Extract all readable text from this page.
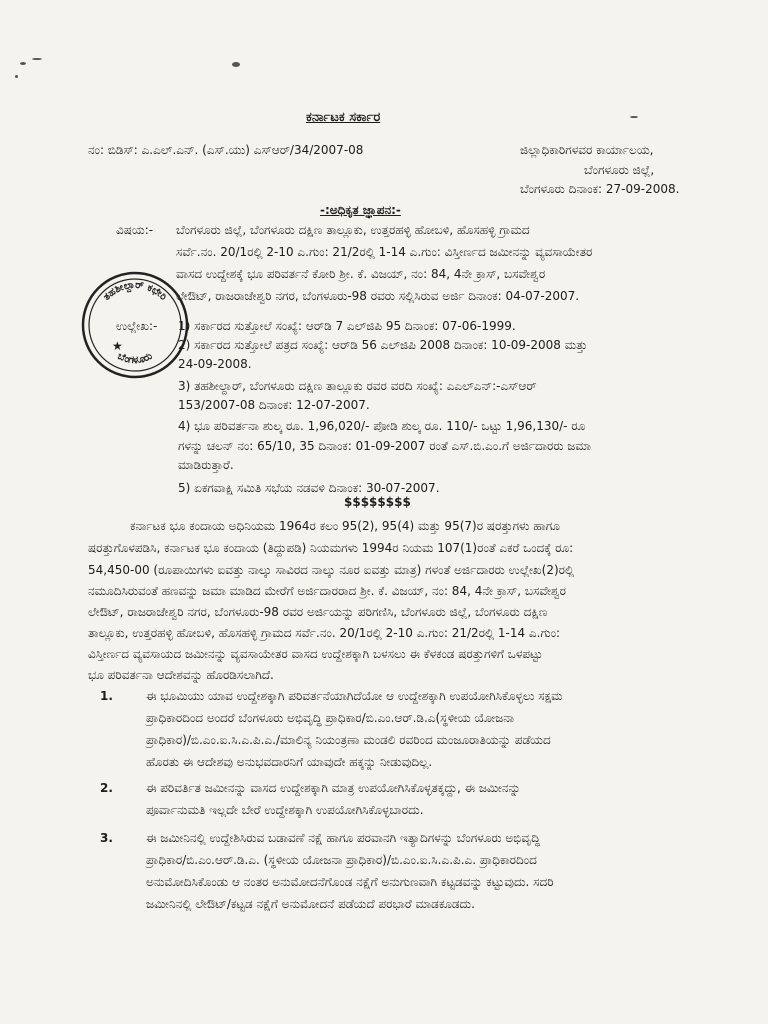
ಕರ್ನಾಟಕ ಸರ್ಕಾರ
ನಂ: ಬಿಡಿಸ್: ಎ.ಎಲ್.ಎನ್. (ಎಸ್.ಯು) ಎಸ್ಆರ್/34/2007-08	ಜಿಲ್ಲಾಧಿಕಾರಿಗಳವರ ಕಾರ್ಯಾಲಯ,
ಬೆಂಗಳೂರು ಜಿಲ್ಲೆ,
ಬೆಂಗಳೂರು ದಿನಾಂಕ: 27-09-2008.
-:ಅಧಿಕೃತ ಜ್ಞಾಪನ:-
ವಿಷಯ:- ಬೆಂಗಳೂರು ಜಿಲ್ಲೆ, ಬೆಂಗಳೂರು ದಕ್ಷಿಣ ತಾಲ್ಲೂಕು, ಉತ್ತರಹಳ್ಳಿ ಹೋಬಳಿ, ಹೊಸಹಳ್ಳಿ ಗ್ರಾಮದ
ಸರ್ವೆ.ನಂ. 20/1ರಲ್ಲಿ 2-10 ಎ.ಗುಂ: 21/2ರಲ್ಲಿ 1-14 ಎ.ಗುಂ: ವಿಸ್ತೀರ್ಣದ ಜಮೀನನ್ನು ವ್ಯವಸಾಯೇತರ
ವಾಸದ ಉದ್ದೇಶಕ್ಕೆ ಭೂ ಪರಿವರ್ತನೆ ಕೋರಿ ಶ್ರೀ. ಕೆ. ವಿಜಯ್, ನಂ: 84, 4ನೇ ಕ್ರಾಸ್, ಬಸವೇಶ್ವರ
ಲೇಔಟ್, ರಾಜರಾಜೇಶ್ವರಿ ನಗರ, ಬೆಂಗಳೂರು-98 ರವರು ಸಲ್ಲಿಸಿರುವ ಅರ್ಜಿ ದಿನಾಂಕ: 04-07-2007.
ಉಲ್ಲೇಖ:- 1) ಸರ್ಕಾರದ ಸುತ್ತೋಲೆ ಸಂಖ್ಯೆ: ಆರ್‌ಡಿ 7 ಎಲ್‌ಜಿಪಿ 95 ದಿನಾಂಕ: 07-06-1999.
2) ಸರ್ಕಾರದ ಸುತ್ತೋಲೆ ಪತ್ರದ ಸಂಖ್ಯೆ: ಆರ್‌ಡಿ 56 ಎಲ್‌ಜಿಪಿ 2008 ದಿನಾಂಕ: 10-09-2008 ಮತ್ತು
24-09-2008.
3) ತಹಶೀಲ್ದಾರ್, ಬೆಂಗಳೂರು ದಕ್ಷಿಣ ತಾಲ್ಲೂಕು ರವರ ವರದಿ ಸಂಖ್ಯೆ: ಎಎಲ್‌ಎನ್:-ಎಸ್‌ಆರ್
153/2007-08 ದಿನಾಂಕ: 12-07-2007.
4) ಭೂ ಪರಿವರ್ತನಾ ಶುಲ್ಕ ರೂ. 1,96,020/- ಪೋಡಿ ಶುಲ್ಕ ರೂ. 110/- ಒಟ್ಟು 1,96,130/- ರೂ
ಗಳನ್ನು ಚಲನ್ ನಂ: 65/10, 35 ದಿನಾಂಕ: 01-09-2007 ರಂತೆ ಎಸ್.ಬಿ.ಎಂ.ಗೆ ಅರ್ಜಿದಾರರು ಜಮಾ
ಮಾಡಿರುತ್ತಾರೆ.
5) ಏಕಗವಾಕ್ಷಿ ಸಮಿತಿ ಸಭೆಯ ನಡವಳಿ ದಿನಾಂಕ: 30-07-2007.
$$$$$$$$
ಕರ್ನಾಟಕ ಭೂ ಕಂದಾಯ ಅಧಿನಿಯಮ 1964ರ ಕಲಂ 95(2), 95(4) ಮತ್ತು 95(7)ರ ಷರತ್ತುಗಳು ಹಾಗೂ
ಷರತ್ತುಗೊಳಪಡಿಸಿ, ಕರ್ನಾಟಕ ಭೂ ಕಂದಾಯ (ತಿದ್ದುಪಡಿ) ನಿಯಮಗಳು 1994ರ ನಿಯಮ 107(1)ರಂತೆ ಎಕರೆ ಒಂದಕ್ಕೆ ರೂ:
54,450-00 (ರೂಪಾಯಿಗಳು ಐವತ್ತು ನಾಲ್ಕು ಸಾವಿರದ ನಾಲ್ಕು ನೂರ ಐವತ್ತು ಮಾತ್ರ) ಗಳಂತೆ ಅರ್ಜಿದಾರರು ಉಲ್ಲೇಖ(2)ರಲ್ಲಿ
ನಮೂದಿಸಿರುವಂತೆ ಹಣವನ್ನು ಜಮಾ ಮಾಡಿದ ಮೇರೆಗೆ ಅರ್ಜಿದಾರರಾದ ಶ್ರೀ. ಕೆ. ವಿಜಯ್, ನಂ: 84, 4ನೇ ಕ್ರಾಸ್, ಬಸವೇಶ್ವರ
ಲೇಔಟ್, ರಾಜರಾಜೇಶ್ವರಿ ನಗರ, ಬೆಂಗಳೂರು-98 ರವರ ಅರ್ಜಿಯನ್ನು ಪರಿಗಣಿಸಿ, ಬೆಂಗಳೂರು ಜಿಲ್ಲೆ, ಬೆಂಗಳೂರು ದಕ್ಷಿಣ
ತಾಲ್ಲೂಕು, ಉತ್ತರಹಳ್ಳಿ ಹೋಬಳಿ, ಹೊಸಹಳ್ಳಿ ಗ್ರಾಮದ ಸರ್ವೆ.ನಂ. 20/1ರಲ್ಲಿ 2-10 ಎ.ಗುಂ: 21/2ರಲ್ಲಿ 1-14 ಎ.ಗುಂ:
ವಿಸ್ತೀರ್ಣದ ವ್ಯವಸಾಯದ ಜಮೀನನ್ನು ವ್ಯವಸಾಯೇತರ ವಾಸದ ಉದ್ದೇಶಕ್ಕಾಗಿ ಬಳಸಲು ಈ ಕೆಳಕಂಡ ಷರತ್ತುಗಳಿಗೆ ಒಳಪಟ್ಟು
ಭೂ ಪರಿವರ್ತನಾ ಆದೇಶವನ್ನು ಹೊರಡಿಸಲಾಗಿದೆ.
1.	ಈ ಭೂಮಿಯು ಯಾವ ಉದ್ದೇಶಕ್ಕಾಗಿ ಪರಿವರ್ತನೆಯಾಗಿದೆಯೋ ಆ ಉದ್ದೇಶಕ್ಕಾಗಿ ಉಪಯೋಗಿಸಿಕೊಳ್ಳಲು ಸಕ್ಷಮ
ಪ್ರಾಧಿಕಾರದಿಂದ ಅಂದರೆ ಬೆಂಗಳೂರು ಅಭಿವೃದ್ಧಿ ಪ್ರಾಧಿಕಾರ/ಬಿ.ಎಂ.ಆರ್.ಡಿ.ಎ(ಸ್ಥಳೀಯ ಯೋಜನಾ
ಪ್ರಾಧಿಕಾರ)/ಬಿ.ಎಂ.ಐ.ಸಿ.ಎ.ಪಿ.ಎ./ಮಾಲಿನ್ಯ ನಿಯಂತ್ರಣಾ ಮಂಡಲಿ ರವರಿಂದ ಮಂಜೂರಾತಿಯನ್ನು ಪಡೆಯದ
ಹೊರತು ಈ ಆದೇಶವು ಅನುಭವದಾರನಿಗೆ ಯಾವುದೇ ಹಕ್ಕನ್ನು ನೀಡುವುದಿಲ್ಲ.
2.	ಈ ಪರಿವರ್ತಿತ ಜಮೀನನ್ನು ವಾಸದ ಉದ್ದೇಶಕ್ಕಾಗಿ ಮಾತ್ರ ಉಪಯೋಗಿಸಿಕೊಳ್ಳತಕ್ಕದ್ದು, ಈ ಜಮೀನನ್ನು
ಪೂರ್ವಾನುಮತಿ ಇಲ್ಲದೇ ಬೇರೆ ಉದ್ದೇಶಕ್ಕಾಗಿ ಉಪಯೋಗಿಸಿಕೊಳ್ಳಬಾರದು.
3.	ಈ ಜಮೀನಿನಲ್ಲಿ ಉದ್ದೇಶಿಸಿರುವ ಬಡಾವಣೆ ನಕ್ಷೆ ಹಾಗೂ ಪರವಾನಗಿ ಇತ್ಯಾದಿಗಳನ್ನು ಬೆಂಗಳೂರು ಅಭಿವೃದ್ಧಿ
ಪ್ರಾಧಿಕಾರ/ಬಿ.ಎಂ.ಆರ್.ಡಿ.ಎ. (ಸ್ಥಳೀಯ ಯೋಜನಾ ಪ್ರಾಧಿಕಾರ)/ಬಿ.ಎಂ.ಐ.ಸಿ.ಎ.ಪಿ.ಎ. ಪ್ರಾಧಿಕಾರದಿಂದ
ಅನುಮೋದಿಸಿಕೊಂಡು ಆ ನಂತರ ಅನುಮೋದನೆಗೊಂಡ ನಕ್ಷೆಗೆ ಅನುಗುಣವಾಗಿ ಕಟ್ಟಡವನ್ನು ಕಟ್ಟುವುದು. ಸದರಿ
ಜಮೀನಿನಲ್ಲಿ ಲೇಔಟ್/ಕಟ್ಟಡ ನಕ್ಷೆಗೆ ಅನುಮೋದನೆ ಪಡೆಯದೆ ಪರಭಾರೆ ಮಾಡಕೂಡದು.
ತಹಶೀಲ್ದಾರ್ ಕಛೇರಿ
ಬೆಂಗಳೂರು
★
